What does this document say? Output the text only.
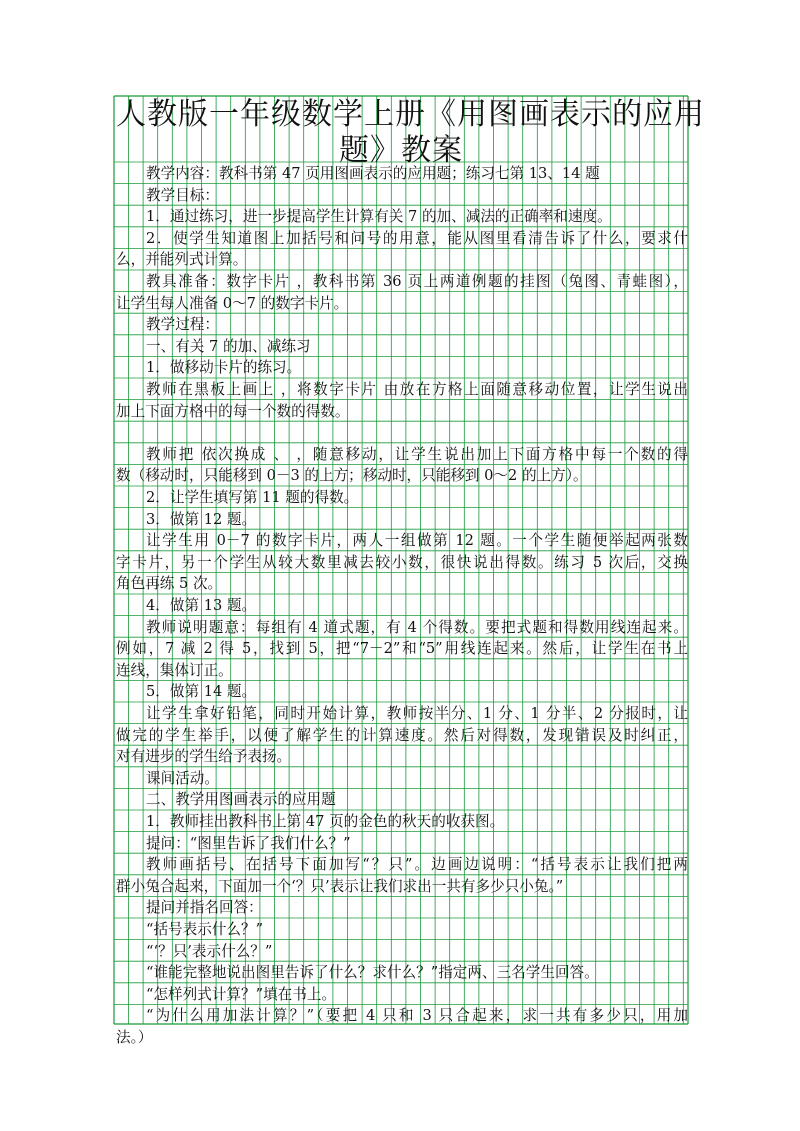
人教版一年级数学上册《用图画表示的应用
题》教案
教学内容：教科书第 47 页用图画表示的应用题；练习七第 13、14 题
教学目标：
1．通过练习，进一步提高学生计算有关 7 的加、减法的正确率和速度。
2．使学生知道图上加括号和问号的用意，能从图里看清告诉了什么，要求什
么，并能列式计算。
教具准备：数字卡片 ，教科书第 36 页上两道例题的挂图（兔图、青蛙图），
让学生每人准备 0～7 的数字卡片。
教学过程：
一、有关 7 的加、减练习
1．做移动卡片的练习。
教师在黑板上画上 ，将数字卡片 由放在方格上面随意移动位置，让学生说出
加上下面方格中的每一个数的得数。
教师把 依次换成 、 ，随意移动，让学生说出加上下面方格中每一个数的得
数（移动时，只能移到 0－3 的上方；移动时，只能移到 0～2 的上方）。
2．让学生填写第 11 题的得数。
3．做第 12 题。
让学生用 0－7 的数字卡片，两人一组做第 12 题。一个学生随便举起两张数
字卡片，另一个学生从较大数里减去较小数，很快说出得数。练习 5 次后，交换
角色再练 5 次。
4．做第 13 题。
教师说明题意：每组有 4 道式题，有 4 个得数。要把式题和得数用线连起来。
例如，7 减 2 得 5，找到 5，把“7－2”和“5”用线连起来。然后，让学生在书上
连线，集体订正。
5．做第 14 题。
让学生拿好铅笔，同时开始计算，教师按半分、1 分、1 分半、2 分报时，让
做完的学生举手，以便了解学生的计算速度。然后对得数，发现错误及时纠正，
对有进步的学生给予表扬。
课间活动。
二、教学用图画表示的应用题
1．教师挂出教科书上第 47 页的金色的秋天的收获图。
提问：“图里告诉了我们什么？”
教师画括号、在括号下面加写“？只”。边画边说明：“括号表示让我们把两
群小兔合起来，下面加一个‘？只’表示让我们求出一共有多少只小兔。”
提问并指名回答：
“括号表示什么？”
“‘？只’表示什么？”
“谁能完整地说出图里告诉了什么？求什么？”指定两、三名学生回答。
“怎样列式计算？”填在书上。
“为什么用加法计算？”（要把 4 只和 3 只合起来，求一共有多少只，用加
法。）
